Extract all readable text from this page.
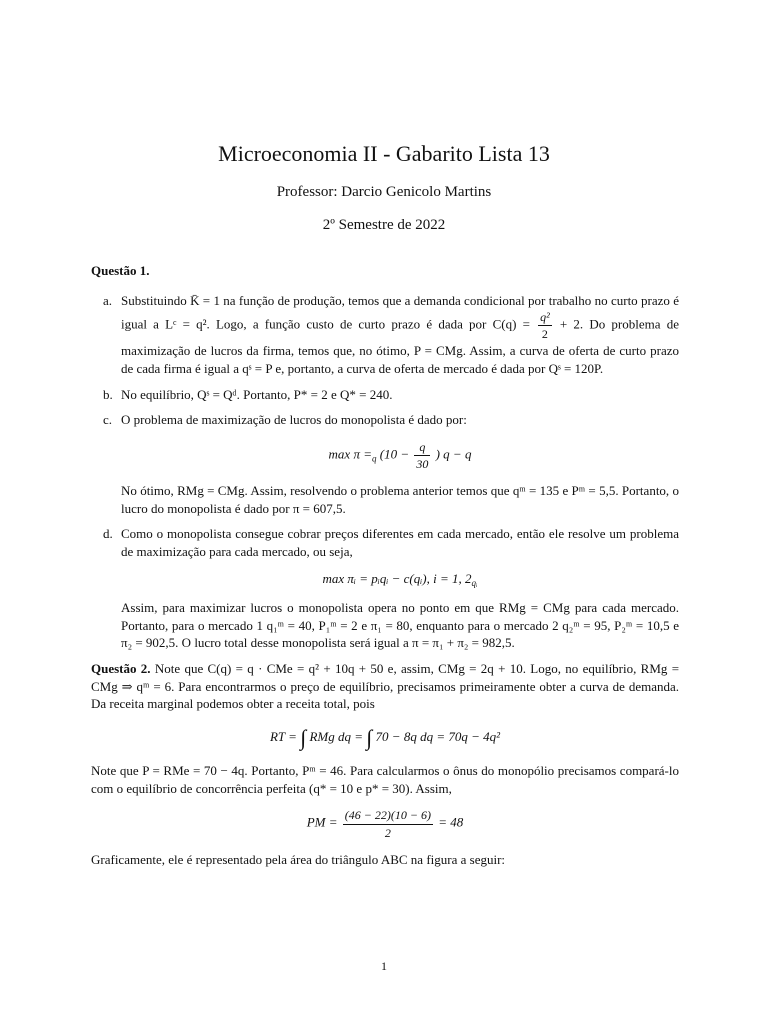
Microeconomia II - Gabarito Lista 13
Professor: Darcio Genicolo Martins
2º Semestre de 2022
Questão 1.
a. Substituindo K̄ = 1 na função de produção, temos que a demanda condicional por trabalho no curto prazo é igual a Lᶜ = q². Logo, a função custo de curto prazo é dada por $C(q) = \frac{\text{q²}}{2} + 2$. Do problema de maximização de lucros da firma, temos que, no ótimo, P = CMg. Assim, a curva de oferta de curto prazo de cada firma é igual a qˢ = P e, portanto, a curva de oferta de mercado é dada por Qˢ = 120P.

b. No equilíbrio, Qˢ = Qᵈ. Portanto, P* = 2 e Q* = 240.

c. O problema de maximização de lucros do monopolista é dado por:

$\max \pi =_q$ ($10 - \frac{q}{30}$ ) q − q

No ótimo, RMg = CMg. Assim, resolvendo o problema anterior temos que qᵐ = 135 e Pᵐ = 5,5. Portanto, o lucro do monopolista é dado por π = 607,5.

d. Como o monopolista consegue cobrar preços diferentes em cada mercado, então ele resolve um problema de maximização para cada mercado, ou seja,

max πᵢ = pᵢqᵢ − c(qᵢ), i = 1, $2_{qᵢ}$

Assim, para maximizar lucros o monopolista opera no ponto em que RMg = CMg para cada mercado. Portanto, para o mercado 1 q₁ᵐ = 40, P₁ᵐ = 2 e π₁ = 80, enquanto para o mercado 2 q₂ᵐ = 95, P₂ᵐ = 10,5 e π₂ = 902,5. O lucro total desse monopolista será igual a π = π₁ + π₂ = 982,5.

Questão 2. Note que C(q) = q · CMe = q² + 10q + 50 e, assim, CMg = 2q + 10. Logo, no equilíbrio, RMg = CMg ⇒ qᵐ = 6. Para encontrarmos o preço de equilíbrio, precisamos primeiramente obter a curva de demanda. Da receita marginal podemos obter a receita total, pois
RT = ∫ RMg dq = ∫ 70 − 8q dq = 70q − 4q²
Note que P = RMe = 70 − 4q. Portanto, Pᵐ = 46. Para calcularmos o ônus do monopólio precisamos compará-lo com o equilíbrio de concorrência perfeita (q* = 10 e p* = 30). Assim,
PM = $\frac{(46 - 22)(10 - 6)}{2} = 48$
Graficamente, ele é representado pela área do triângulo ABC na figura a seguir:
1
